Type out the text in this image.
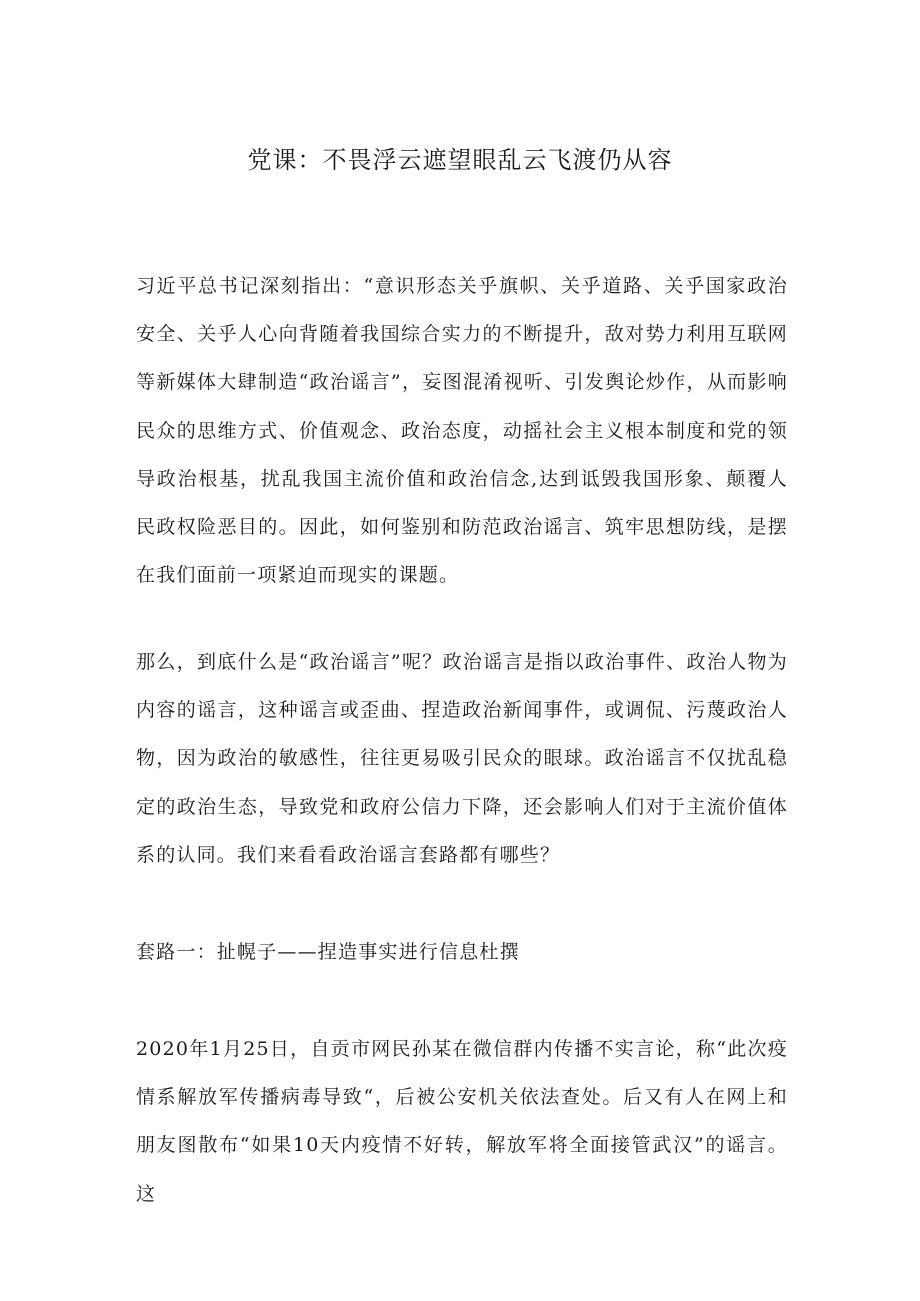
党课：不畏浮云遮望眼乱云飞渡仍从容

习近平总书记深刻指出：“意识形态关乎旗帜、关乎道路、关乎国家政治安全、关乎人心向背随着我国综合实力的不断提升，敌对势力利用互联网等新媒体大肆制造“政治谣言”，妄图混淆视听、引发舆论炒作，从而影响民众的思维方式、价值观念、政治态度，动摇社会主义根本制度和党的领导政治根基，扰乱我国主流价值和政治信念,达到诋毁我国形象、颠覆人民政权险恶目的。因此，如何鉴别和防范政治谣言、筑牢思想防线，是摆在我们面前一项紧迫而现实的课题。

那么，到底什么是“政治谣言”呢？政治谣言是指以政治事件、政治人物为内容的谣言，这种谣言或歪曲、捏造政治新闻事件，或调侃、污蔑政治人物，因为政治的敏感性，往往更易吸引民众的眼球。政治谣言不仅扰乱稳定的政治生态，导致党和政府公信力下降，还会影响人们对于主流价值体系的认同。我们来看看政治谣言套路都有哪些？

套路一：扯幌子——捏造事实进行信息杜撰

2020年1月25日，自贡市网民孙某在微信群内传播不实言论，称“此次疫情系解放军传播病毒导致“，后被公安机关依法查处。后又有人在网上和朋友图散布“如果10天内疫情不好转，解放军将全面接管武汉”的谣言。这
